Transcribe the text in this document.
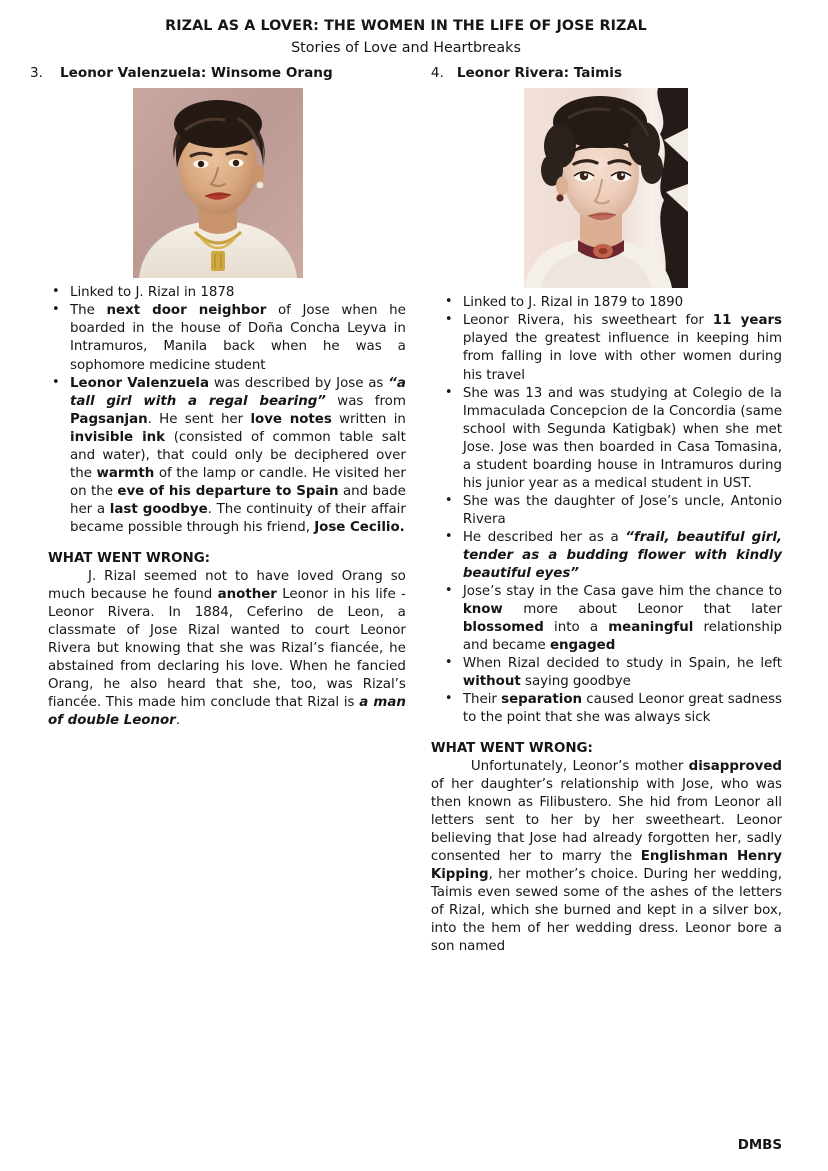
RIZAL AS A LOVER: THE WOMEN IN THE LIFE OF JOSE RIZAL
Stories of Love and Heartbreaks
3.	Leonor Valenzuela: Winsome Orang
• Linked to J. Rizal in 1878
• The next door neighbor of Jose when he boarded in the house of Doña Concha Leyva in Intramuros, Manila back when he was a sophomore medicine student
• Leonor Valenzuela was described by Jose as “a tall girl with a regal bearing” was from Pagsanjan. He sent her love notes written in invisible ink (consisted of common table salt and water), that could only be deciphered over the warmth of the lamp or candle. He visited her on the eve of his departure to Spain and bade her a last goodbye. The continuity of their affair became possible through his friend, Jose Cecilio.

WHAT WENT WRONG:

J. Rizal seemed not to have loved Orang so much because he found another Leonor in his life - Leonor Rivera. In 1884, Ceferino de Leon, a classmate of Jose Rizal wanted to court Leonor Rivera but knowing that she was Rizal’s fiancée, he abstained from declaring his love. When he fancied Orang, he also heard that she, too, was Rizal’s fiancée. This made him conclude that Rizal is a man of double Leonor.

4. Leonor Rivera: Taimis
• Linked to J. Rizal in 1879 to 1890
• Leonor Rivera, his sweetheart for 11 years played the greatest influence in keeping him from falling in love with other women during his travel
• She was 13 and was studying at Colegio de la Immaculada Concepcion de la Concordia (same school with Segunda Katigbak) when she met Jose. Jose was then boarded in Casa Tomasina, a student boarding house in Intramuros during his junior year as a medical student in UST.
• She was the daughter of Jose’s uncle, Antonio Rivera
• He described her as a “frail, beautiful girl, tender as a budding flower with kindly beautiful eyes”
• Jose’s stay in the Casa gave him the chance to know more about Leonor that later blossomed into a meaningful relationship and became engaged
• When Rizal decided to study in Spain, he left without saying goodbye
• Their separation caused Leonor great sadness to the point that she was always sick

WHAT WENT WRONG:

Unfortunately, Leonor’s mother disapproved of her daughter’s relationship with Jose, who was then known as Filibustero. She hid from Leonor all letters sent to her by her sweetheart. Leonor believing that Jose had already forgotten her, sadly consented her to marry the Englishman Henry Kipping, her mother’s choice. During her wedding, Taimis even sewed some of the ashes of the letters of Rizal, which she burned and kept in a silver box, into the hem of her wedding dress. Leonor bore a son named

DMBS
